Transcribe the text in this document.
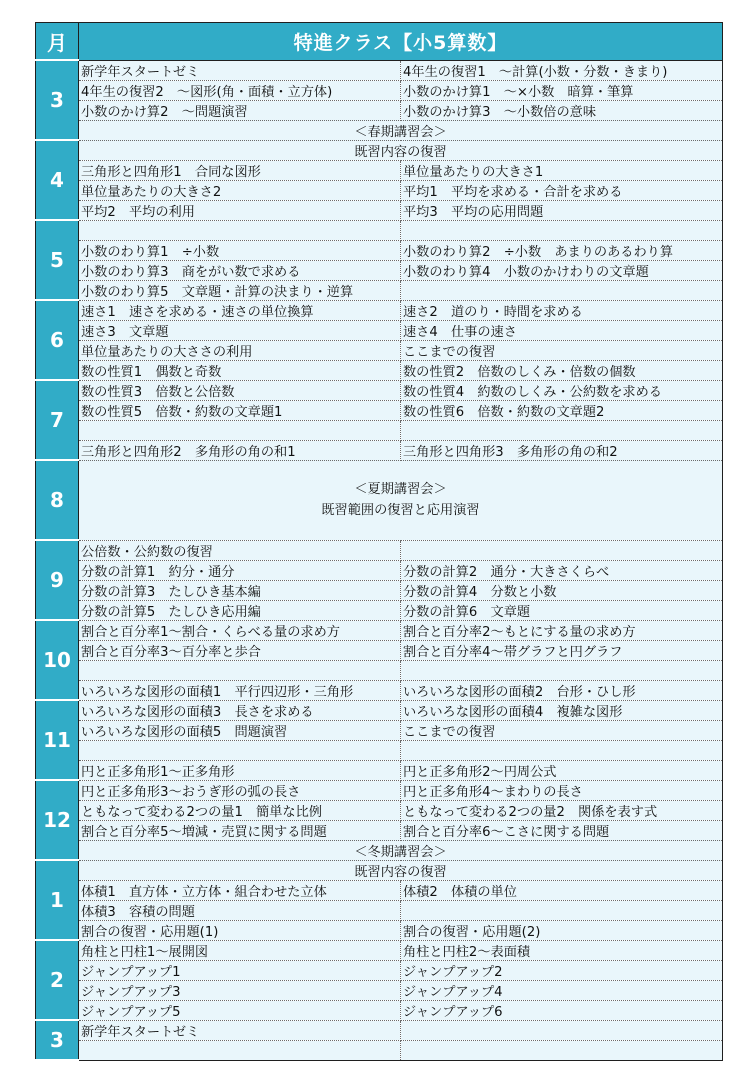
月	特進クラス【小5算数】	
3	新学年スタートゼミ	4年生の復習1　～計算(小数・分数・きまり)
	4年生の復習2　～図形(角・面積・立方体)	小数のかけ算1　～×小数　暗算・筆算
	小数のかけ算2　～問題演習	小数のかけ算3　～小数倍の意味
	＜春期講習会＞	
4	既習内容の復習	
	三角形と四角形1　合同な図形	単位量あたりの大きさ1
	単位量あたりの大きさ2	平均1　平均を求める・合計を求める
	平均2　平均の利用	平均3　平均の応用問題
5		
	小数のわり算1　÷小数	小数のわり算2　÷小数　あまりのあるわり算
	小数のわり算3　商をがい数で求める	小数のわり算4　小数のかけわりの文章題
	小数のわり算5　文章題・計算の決まり・逆算	
6	速さ1　速さを求める・速さの単位換算	速さ2　道のり・時間を求める
	速さ3　文章題	速さ4　仕事の速さ
	単位量あたりの大ささの利用	ここまでの復習
	数の性質1　偶数と奇数	数の性質2　倍数のしくみ・倍数の個数
7	数の性質3　倍数と公倍数	数の性質4　約数のしくみ・公約数を求める
	数の性質5　倍数・約数の文章題1	数の性質6　倍数・約数の文章題2

	三角形と四角形2　多角形の角の和1	三角形と四角形3　多角形の角の和2
8	＜夏期講習会＞
既習範囲の復習と応用演習	

9	公倍数・公約数の復習	
	分数の計算1　約分・通分	分数の計算2　通分・大きさくらべ
	分数の計算3　たしひき基本編	分数の計算4　分数と小数
	分数の計算5　たしひき応用編	分数の計算6　文章題
10	割合と百分率1～割合・くらべる量の求め方	割合と百分率2～もとにする量の求め方
	割合と百分率3～百分率と歩合	割合と百分率4～帯グラフと円グラフ

	いろいろな図形の面積1　平行四辺形・三角形	いろいろな図形の面積2　台形・ひし形
11	いろいろな図形の面積3　長さを求める	いろいろな図形の面積4　複雑な図形
	いろいろな図形の面積5　問題演習	ここまでの復習

	円と正多角形1～正多角形	円と正多角形2～円周公式
12	円と正多角形3～おうぎ形の弧の長さ	円と正多角形4～まわりの長さ
	ともなって変わる2つの量1　簡単な比例	ともなって変わる2つの量2　関係を表す式
	割合と百分率5～増減・売買に関する問題	割合と百分率6～こさに関する問題
	＜冬期講習会＞	
1	既習内容の復習	
	体積1　直方体・立方体・組合わせた立体	体積2　体積の単位
	体積3　容積の問題	
	割合の復習・応用題(1)	割合の復習・応用題(2)
2	角柱と円柱1～展開図	角柱と円柱2～表面積
	ジャンプアップ1	ジャンプアップ2
	ジャンプアップ3	ジャンプアップ4
	ジャンプアップ5	ジャンプアップ6
3	新学年スタートゼミ	
